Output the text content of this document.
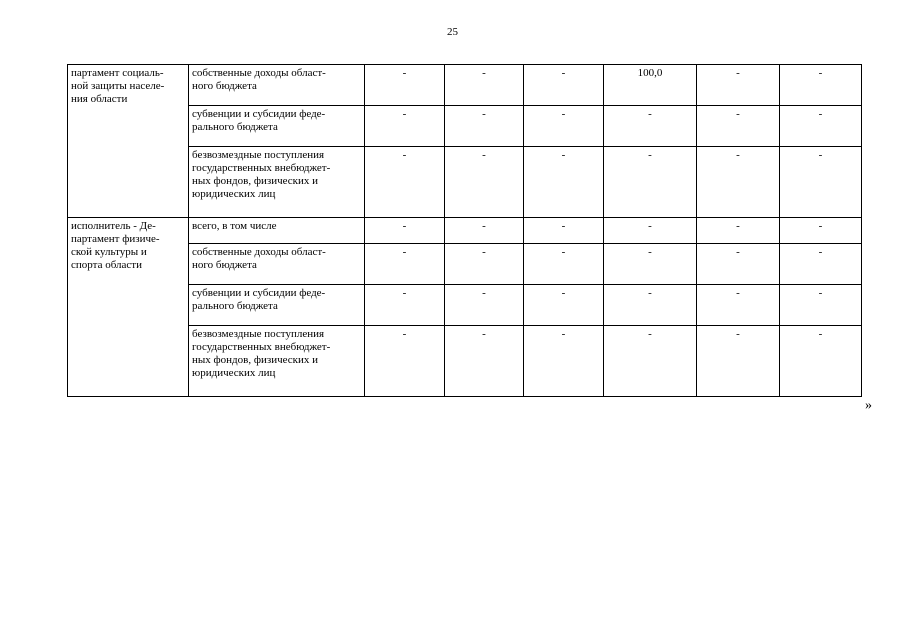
25
партамент социаль-
ной защиты населе-
ния области	собственные доходы област-
ного бюджета	-	-	-	100,0	-	-
	субвенции и субсидии феде-
рального бюджета	-	-	-	-	-	-
	безвозмездные поступления
государственных внебюджет-
ных фондов, физических и
юридических лиц	-	-	-	-	-	-
исполнитель - Де-
партамент физиче-
ской культуры и
спорта области	всего, в том числе	-	-	-	-	-	-
	собственные доходы област-
ного бюджета	-	-	-	-	-	-
	субвенции и субсидии феде-
рального бюджета	-	-	-	-	-	-
	безвозмездные поступления
государственных внебюджет-
ных фондов, физических и
юридических лиц	-	-	-	-	-	-
»
